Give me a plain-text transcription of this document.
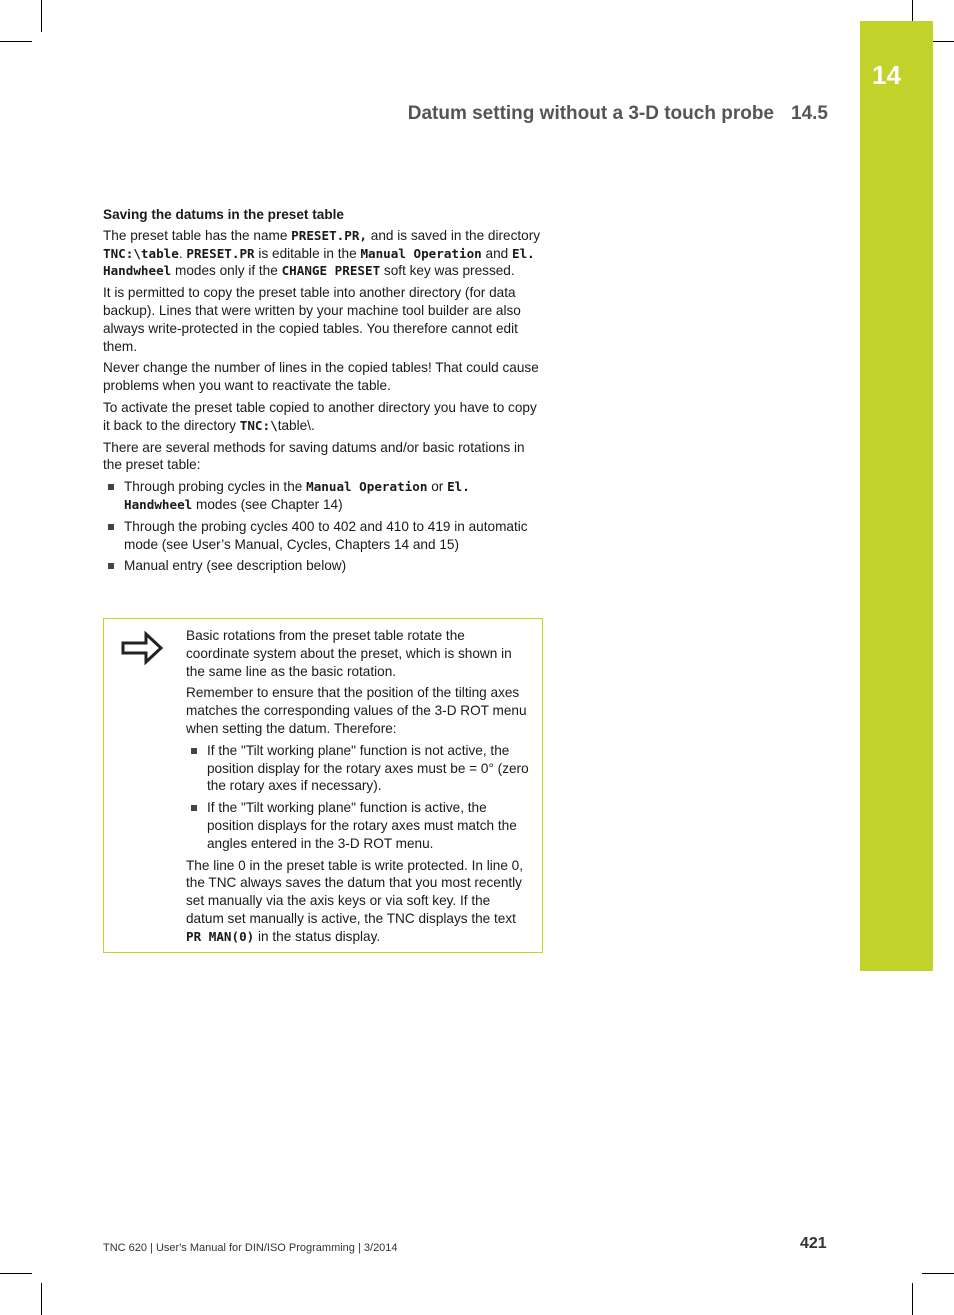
14
Datum setting without a 3-D touch probe 14.5
Saving the datums in the preset table

The preset table has the name PRESET.PR, and is saved in the directory TNC:\table. PRESET.PR is editable in the Manual Operation and El. Handwheel modes only if the CHANGE PRESET soft key was pressed.

It is permitted to copy the preset table into another directory (for data backup). Lines that were written by your machine tool builder are also always write-protected in the copied tables. You therefore cannot edit them.

Never change the number of lines in the copied tables! That could cause problems when you want to reactivate the table.

To activate the preset table copied to another directory you have to copy it back to the directory TNC:\table\.

There are several methods for saving datums and/or basic rotations in the preset table:

Through probing cycles in the Manual Operation or El. Handwheel modes (see Chapter 14)
Through the probing cycles 400 to 402 and 410 to 419 in automatic mode (see User’s Manual, Cycles, Chapters 14 and 15)
Manual entry (see description below)

Basic rotations from the preset table rotate the coordinate system about the preset, which is shown in the same line as the basic rotation.

Remember to ensure that the position of the tilting axes matches the corresponding values of the 3-D ROT menu when setting the datum. Therefore:

If the "Tilt working plane" function is not active, the position display for the rotary axes must be = 0° (zero the rotary axes if necessary).
If the "Tilt working plane" function is active, the position displays for the rotary axes must match the angles entered in the 3-D ROT menu.

The line 0 in the preset table is write protected. In line 0, the TNC always saves the datum that you most recently set manually via the axis keys or via soft key. If the datum set manually is active, the TNC displays the text PR MAN(0) in the status display.

TNC 620 | User's Manual for DIN/ISO Programming | 3/2014	421
